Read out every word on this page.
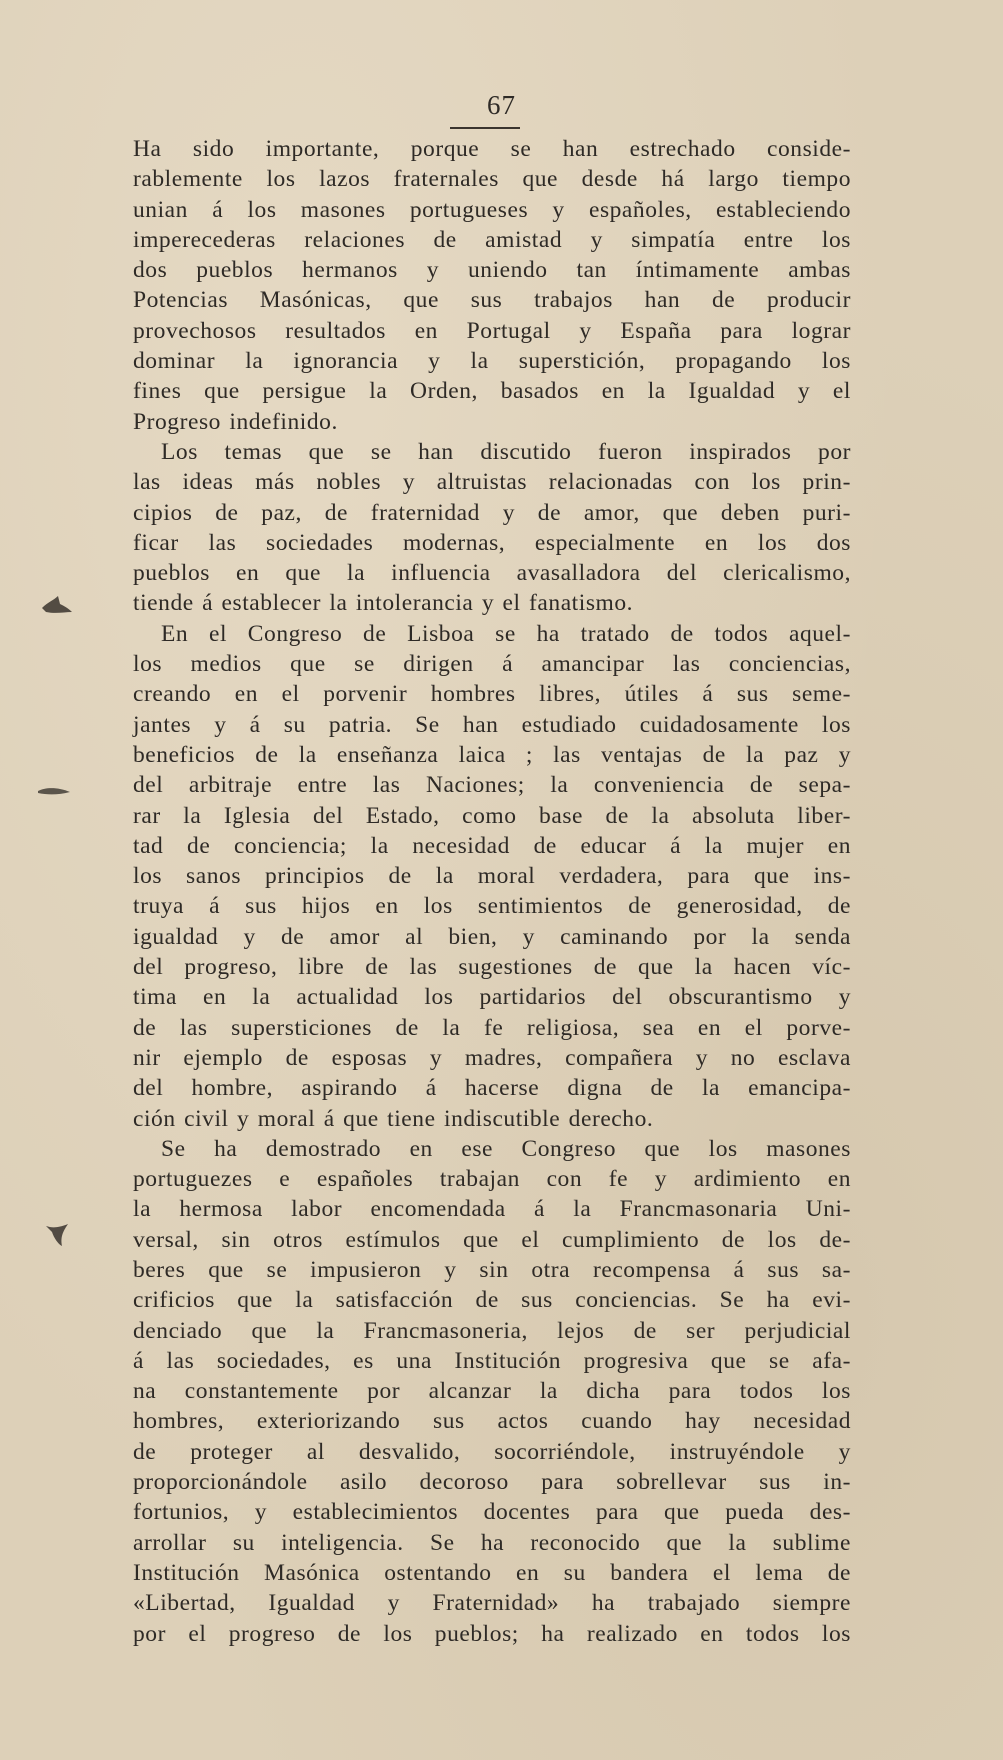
67
Ha sido importante, porque se han estrechado conside-
rablemente los lazos fraternales que desde há largo tiempo
unian á los masones portugueses y españoles, estableciendo
imperecederas relaciones de amistad y simpatía entre los
dos pueblos hermanos y uniendo tan íntimamente ambas
Potencias Masónicas, que sus trabajos han de producir
provechosos resultados en Portugal y España para lograr
dominar la ignorancia y la superstición, propagando los
fines que persigue la Orden, basados en la Igualdad y el
Progreso indefinido.
Los temas que se han discutido fueron inspirados por
las ideas más nobles y altruistas relacionadas con los prin-
cipios de paz, de fraternidad y de amor, que deben puri-
ficar las sociedades modernas, especialmente en los dos
pueblos en que la influencia avasalladora del clericalismo,
tiende á establecer la intolerancia y el fanatismo.
En el Congreso de Lisboa se ha tratado de todos aquel-
los medios que se dirigen á amancipar las conciencias,
creando en el porvenir hombres libres, útiles á sus seme-
jantes y á su patria. Se han estudiado cuidadosamente los
beneficios de la enseñanza laica ; las ventajas de la paz y
del arbitraje entre las Naciones; la conveniencia de sepa-
rar la Iglesia del Estado, como base de la absoluta liber-
tad de conciencia; la necesidad de educar á la mujer en
los sanos principios de la moral verdadera, para que ins-
truya á sus hijos en los sentimientos de generosidad, de
igualdad y de amor al bien, y caminando por la senda
del progreso, libre de las sugestiones de que la hacen víc-
tima en la actualidad los partidarios del obscurantismo y
de las supersticiones de la fe religiosa, sea en el porve-
nir ejemplo de esposas y madres, compañera y no esclava
del hombre, aspirando á hacerse digna de la emancipa-
ción civil y moral á que tiene indiscutible derecho.
Se ha demostrado en ese Congreso que los masones
portuguezes e españoles trabajan con fe y ardimiento en
la hermosa labor encomendada á la Francmasonaria Uni-
versal, sin otros estímulos que el cumplimiento de los de-
beres que se impusieron y sin otra recompensa á sus sa-
crificios que la satisfacción de sus conciencias. Se ha evi-
denciado que la Francmasoneria, lejos de ser perjudicial
á las sociedades, es una Institución progresiva que se afa-
na constantemente por alcanzar la dicha para todos los
hombres, exteriorizando sus actos cuando hay necesidad
de proteger al desvalido, socorriéndole, instruyéndole y
proporcionándole asilo decoroso para sobrellevar sus in-
fortunios, y establecimientos docentes para que pueda des-
arrollar su inteligencia. Se ha reconocido que la sublime
Institución Masónica ostentando en su bandera el lema de
«Libertad, Igualdad y Fraternidad» ha trabajado siempre
por el progreso de los pueblos; ha realizado en todos los
